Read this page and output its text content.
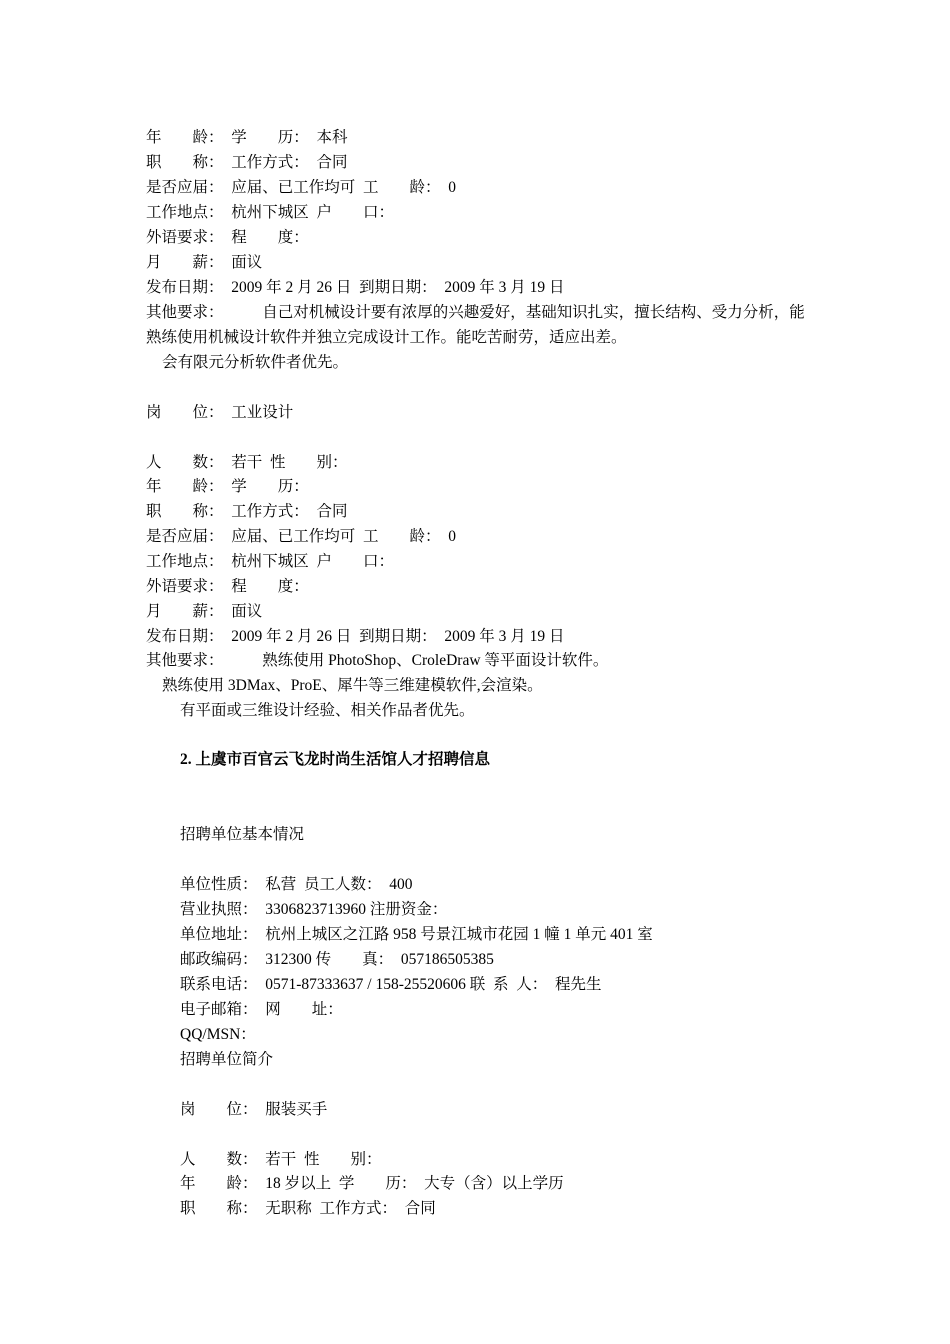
年　　龄：　学　　历：  本科
职　　称：　工作方式：  合同
是否应届：  应届、已工作均可  工　　龄：  0
工作地点：  杭州下城区  户　　口：
外语要求：　程　　度：
月　　薪：  面议
发布日期：  2009 年 2 月 26 日  到期日期：  2009 年 3 月 19 日
其他要求：　　　自己对机械设计要有浓厚的兴趣爱好，基础知识扎实，擅长结构、受力分析，能熟练使用机械设计软件并独立完成设计工作。能吃苦耐劳，适应出差。
会有限元分析软件者优先。
岗　　位：  工业设计
人　　数：  若干  性　　别：
年　　龄：　学　　历：
职　　称：　工作方式：  合同
是否应届：  应届、已工作均可  工　　龄：  0
工作地点：  杭州下城区  户　　口：
外语要求：　程　　度：
月　　薪：  面议
发布日期：  2009 年 2 月 26 日  到期日期：  2009 年 3 月 19 日
其他要求：　　　熟练使用 PhotoShop、CroleDraw 等平面设计软件。
熟练使用 3DMax、ProE、犀牛等三维建模软件,会渲染。
有平面或三维设计经验、相关作品者优先。
2. 上虞市百官云飞龙时尚生活馆人才招聘信息
招聘单位基本情况
单位性质：  私营  员工人数：  400
营业执照：  3306823713960 注册资金：
单位地址：  杭州上城区之江路 958 号景江城市花园 1 幢 1 单元 401 室
邮政编码：  312300 传　　真：  057186505385
联系电话：  0571-87333637 / 158-25520606 联  系  人：  程先生
电子邮箱：　网　　址：
QQ/MSN：
招聘单位简介
岗　　位：  服装买手
人　　数：  若干  性　　别：
年　　龄：  18 岁以上  学　　历：  大专（含）以上学历
职　　称：  无职称  工作方式：  合同
